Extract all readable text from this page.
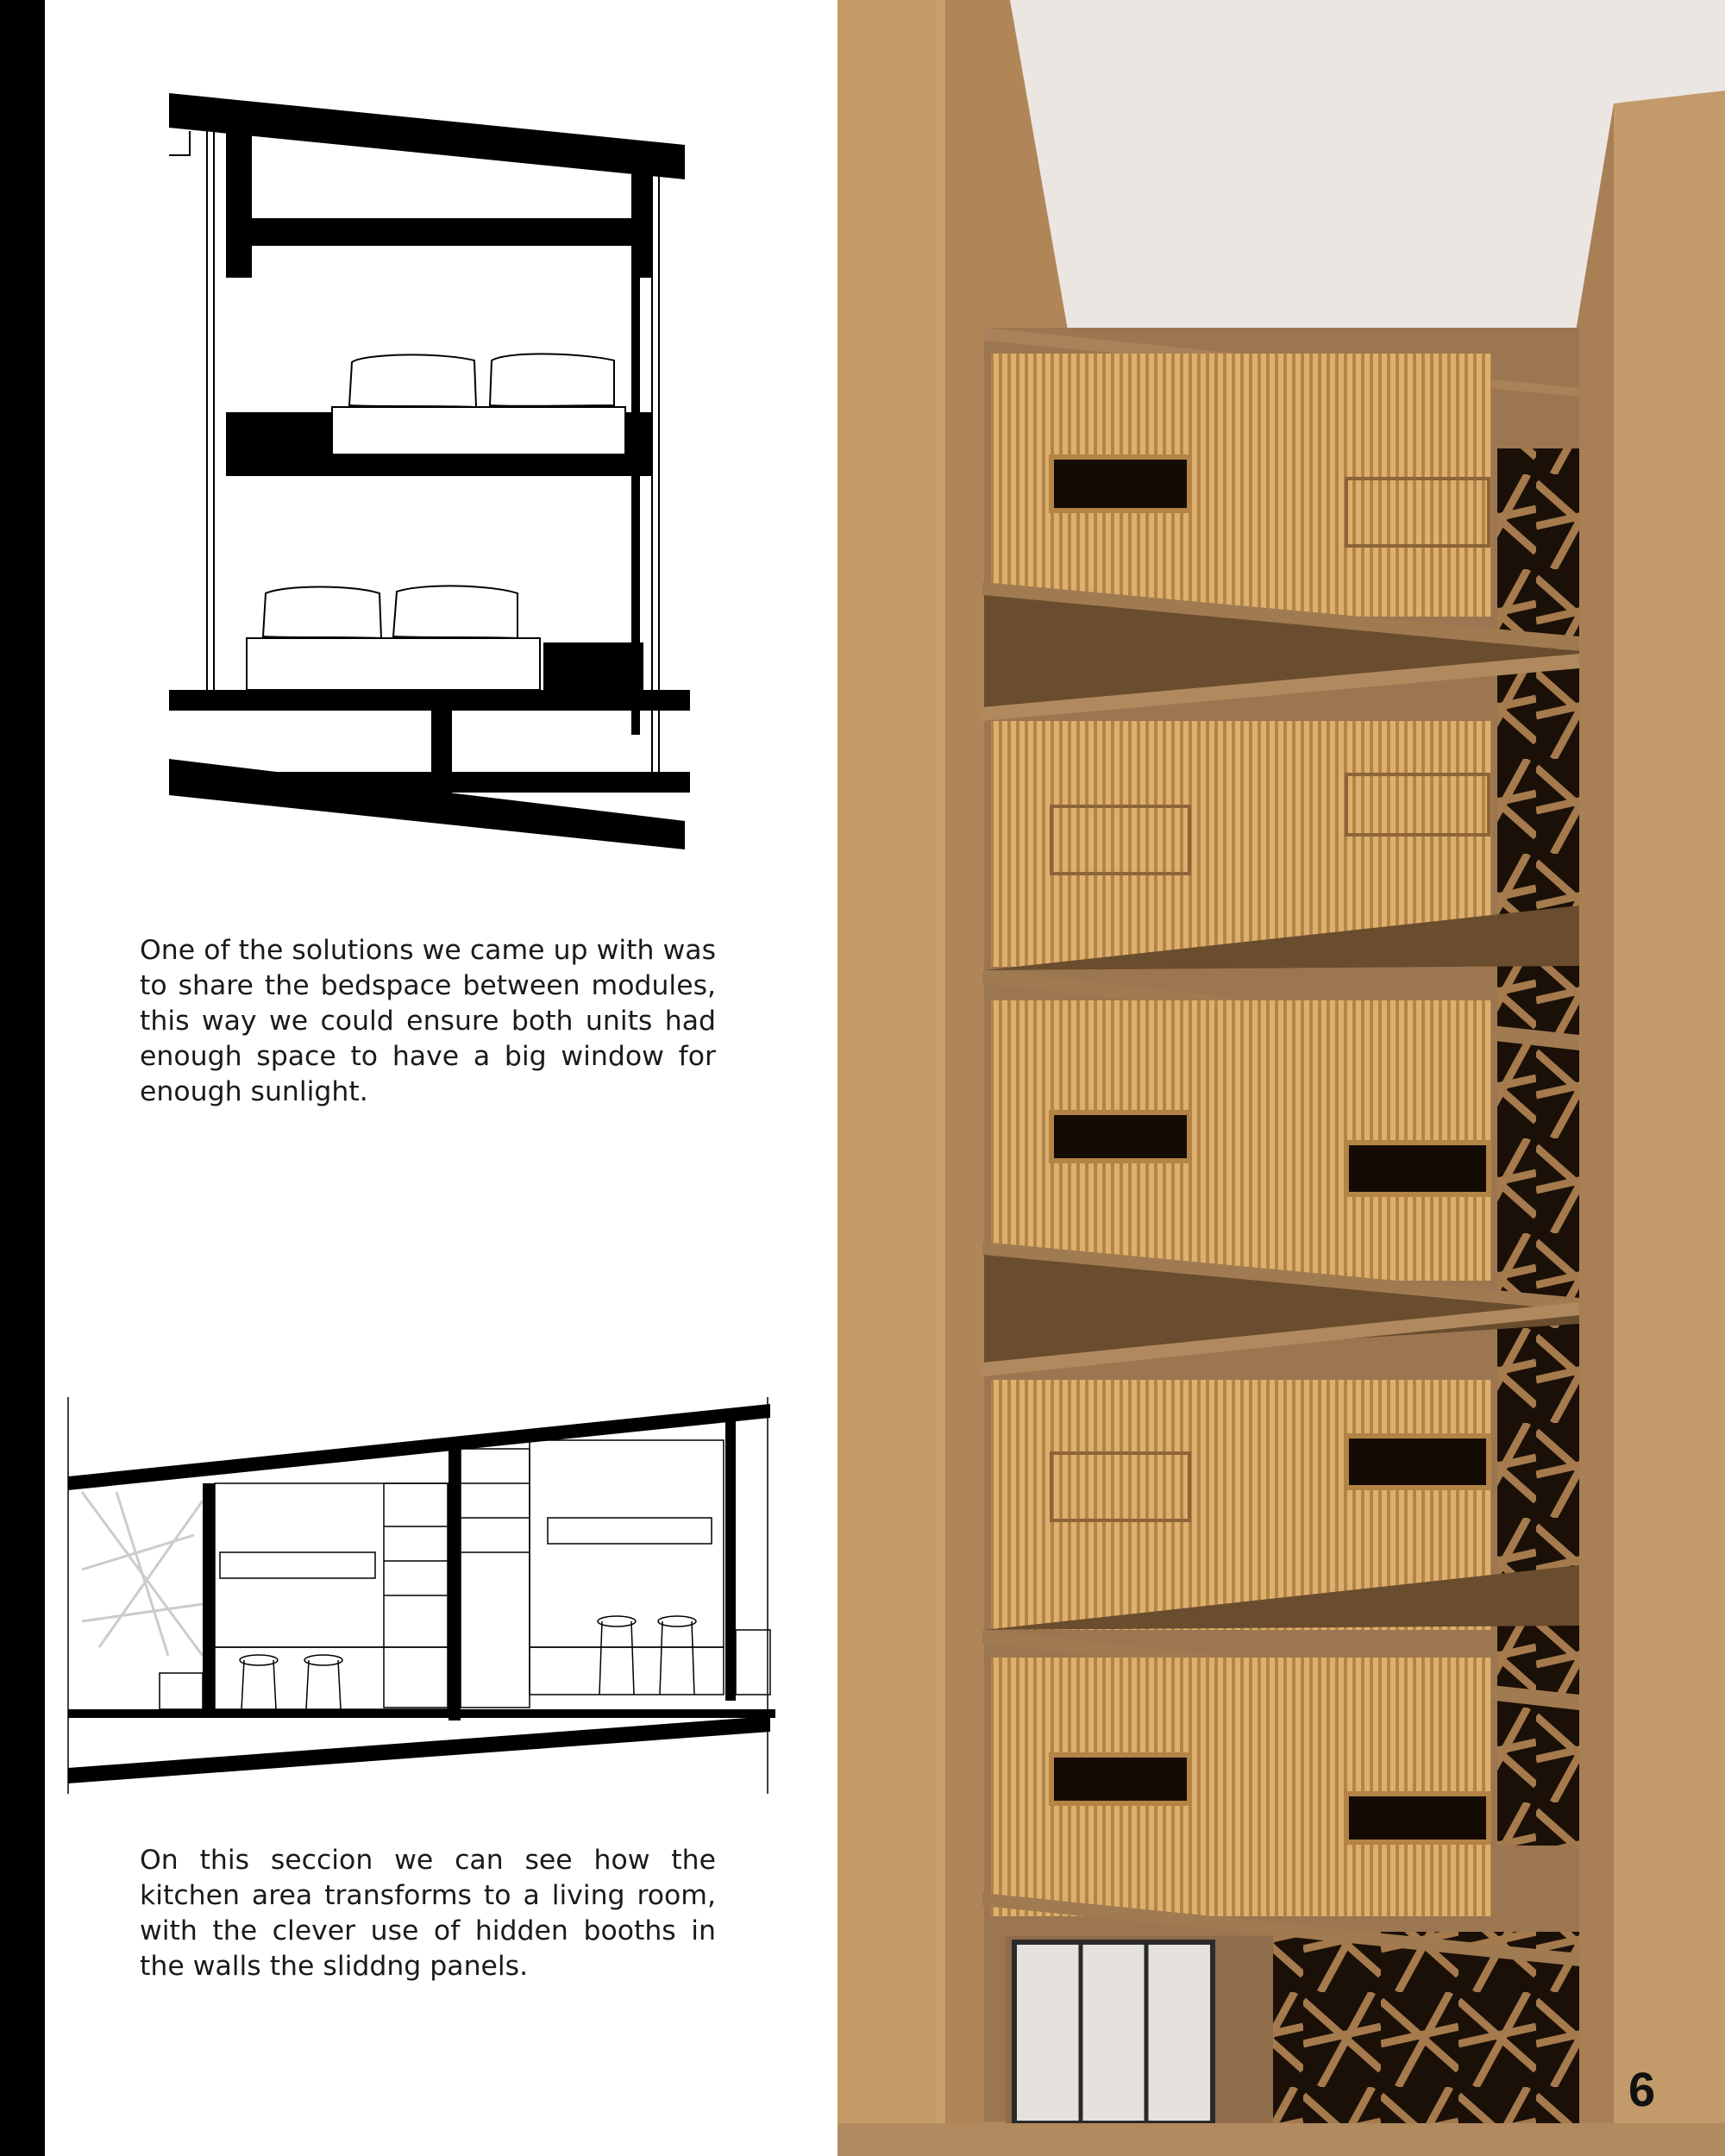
One of the solutions we came up with was to share the bedspace between modules, this way we could ensure both units had enough space to have a big window for enough sunlight.

On this seccion we can see how the kitchen area transforms to a living room, with the clever use of hidden booths in the walls the sliddng panels.

6
